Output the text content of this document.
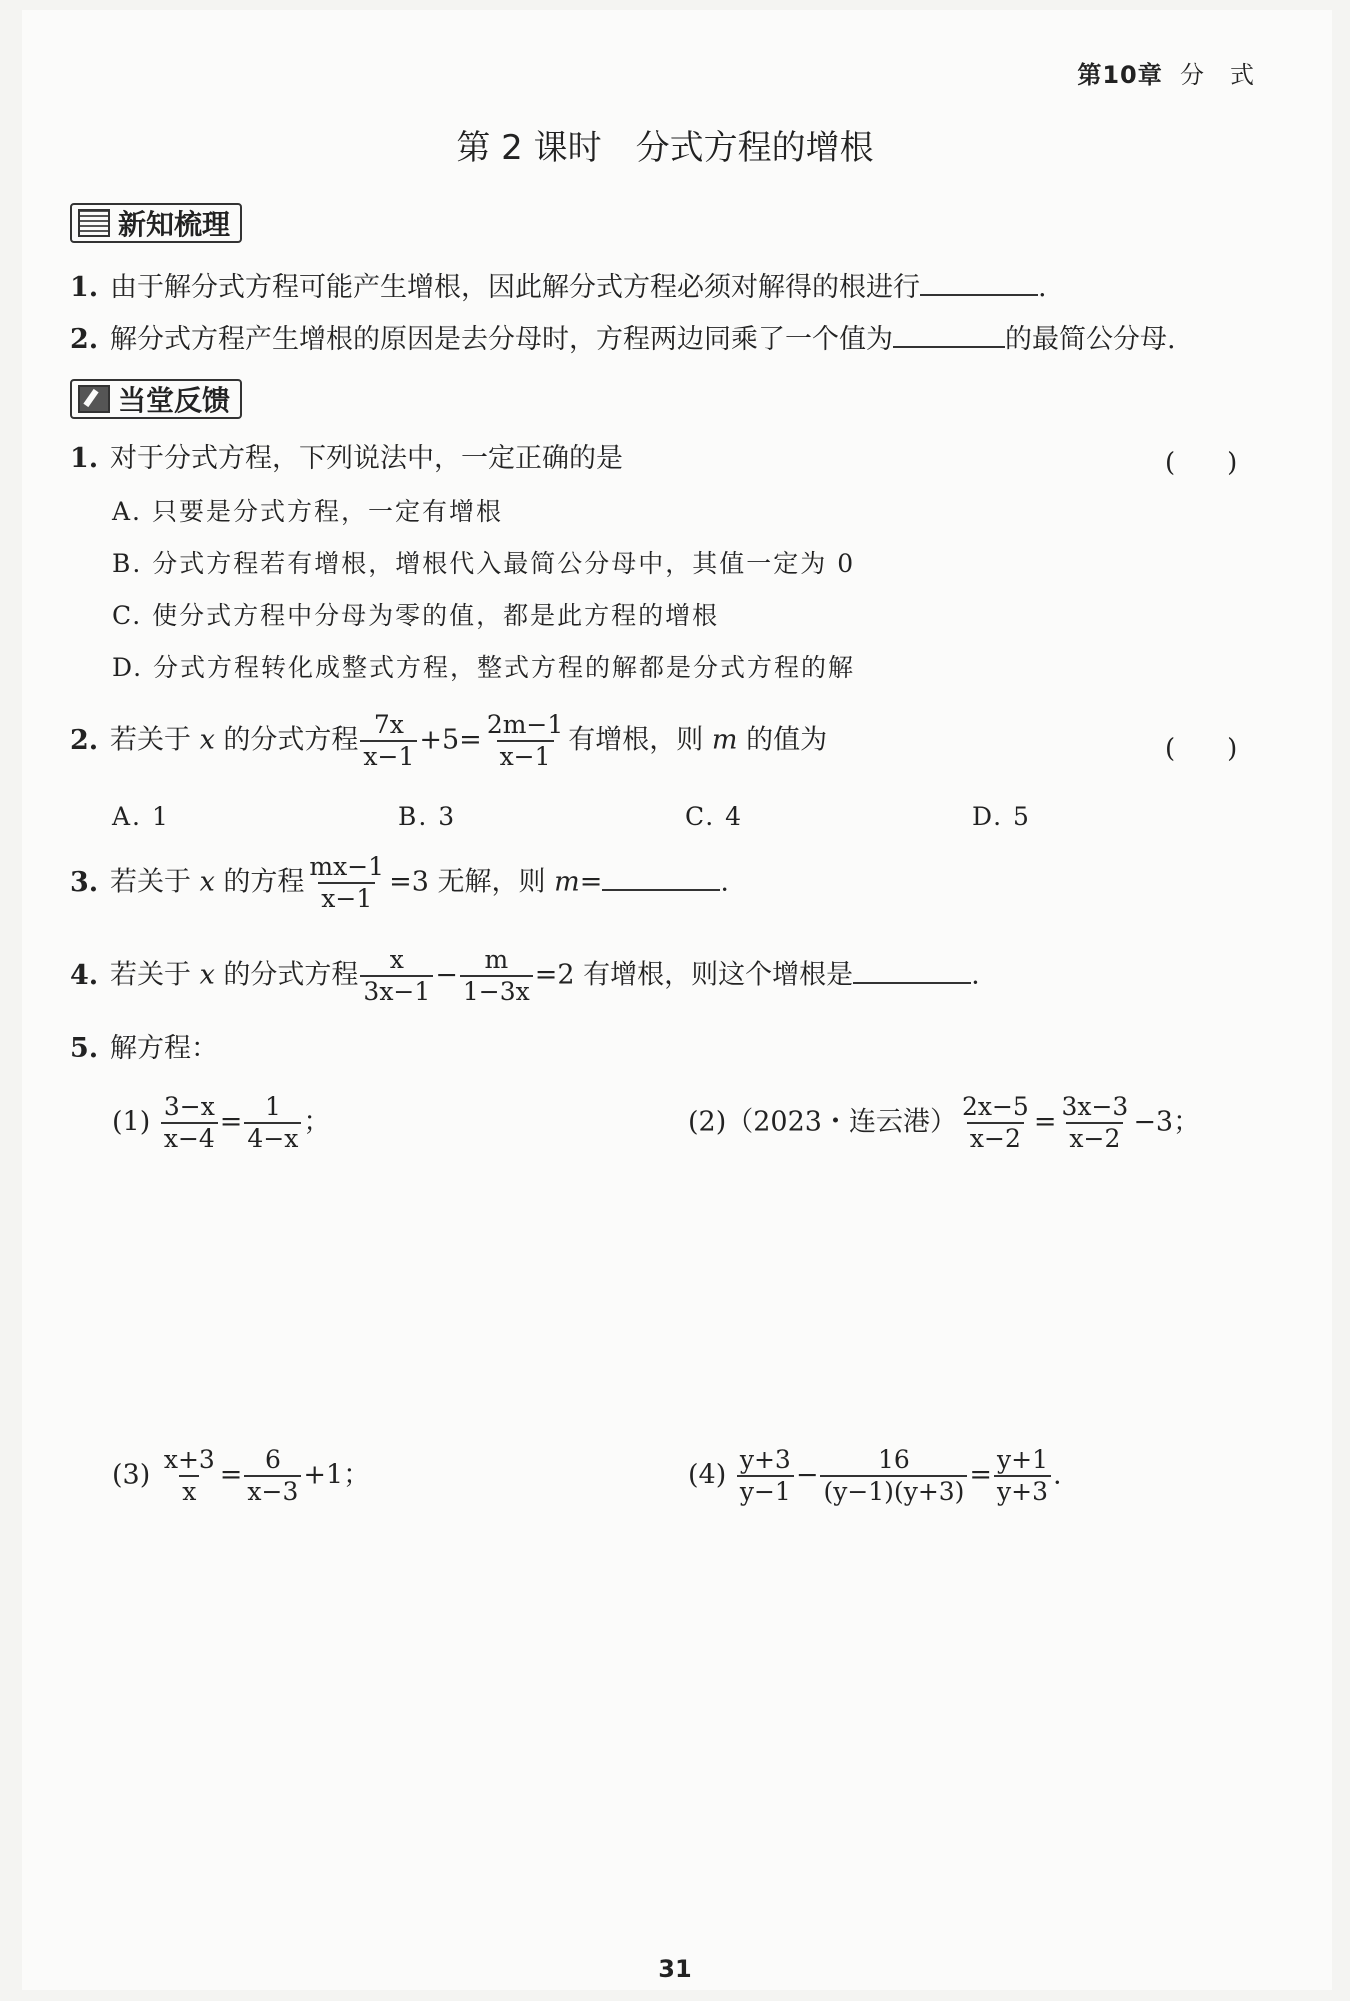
第10章 分　式
第 2 课时　分式方程的增根
新知梳理
1. 由于解分式方程可能产生增根，因此解分式方程必须对解得的根进行	.
2. 解分式方程产生增根的原因是去分母时，方程两边同乘了一个值为	的最简公分母.
当堂反馈
1. 对于分式方程，下列说法中，一定正确的是	(　　)
A. 只要是分式方程，一定有增根
B. 分式方程若有增根，增根代入最简公分母中，其值一定为 0
C. 使分式方程中分母为零的值，都是此方程的增根
D. 分式方程转化成整式方程，整式方程的解都是分式方程的解
2. 若关于 x 的分式方程 $\frac{7x}{x-1} +5= \frac{2m-1}{x-1}$ 有增根，则 m 的值为	(　　)
A. 1	B. 3	C. 4	D. 5
3. 若关于 x 的方程 $\frac{mx-1}{x-1} =3$ 无解，则 m=	.
4. 若关于 x 的分式方程 $\frac{x}{3x-1} - \frac{m}{1-3x} =2$ 有增根，则这个增根是	.
5. 解方程：
$(1) \frac{3-x}{x-4} = \frac{1}{4-x}$ ；	(2)（2023・连云港） $\frac{2x-5}{x-2} = \frac{3x-3}{x-2} -3$；
$(3) \frac{x+3}{x} = \frac{6}{x-3} +1$；	$(4) \frac{y+3}{y-1} - \frac{16}{(y-1)(y+3)} = \frac{y+1}{y+3}$ .
31
